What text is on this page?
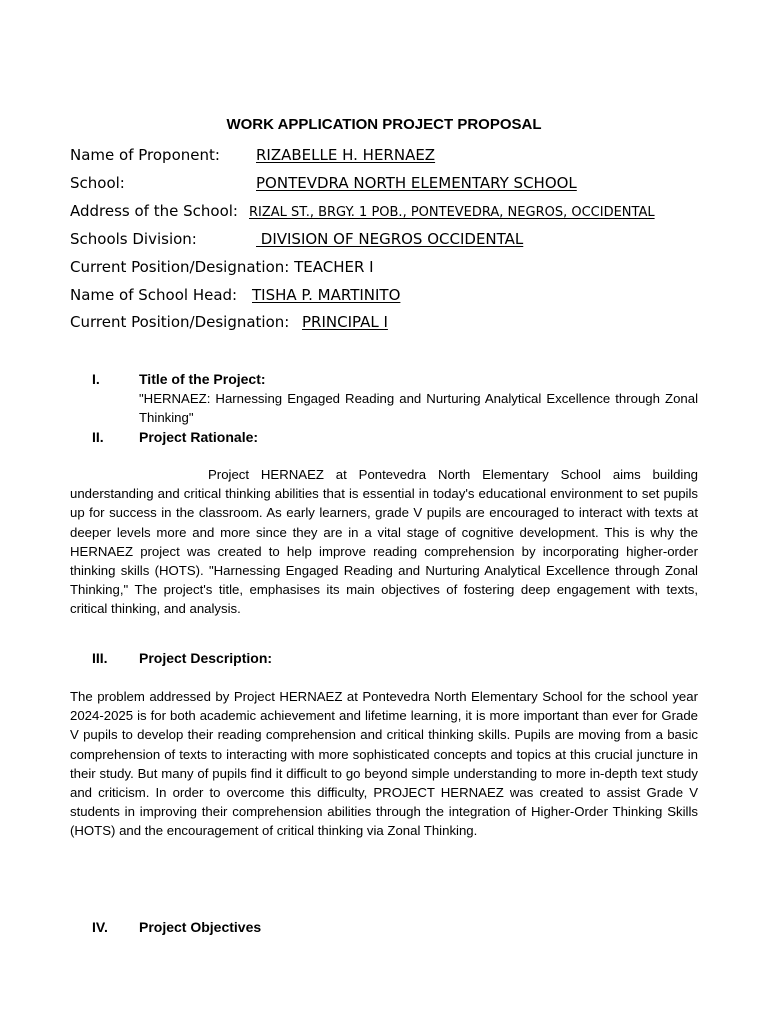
WORK APPLICATION PROJECT PROPOSAL
Name of Proponent: RIZABELLE H. HERNAEZ
School:	PONTEVDRA NORTH ELEMENTARY SCHOOL
Address of the School: RIZAL ST., BRGY. 1 POB., PONTEVEDRA, NEGROS, OCCIDENTAL
Schools Division:	DIVISION OF NEGROS OCCIDENTAL
Current Position/Designation: TEACHER I
Name of School Head: TISHA P. MARTINITO
Current Position/Designation: PRINCIPAL I
I.	Title of the Project:

"HERNAEZ: Harnessing Engaged Reading and Nurturing Analytical Excellence through Zonal Thinking"

II.	Project Rationale:

Project HERNAEZ at Pontevedra North Elementary School aims building understanding and critical thinking abilities that is essential in today's educational environment to set pupils up for success in the classroom. As early learners, grade V pupils are encouraged to interact with texts at deeper levels more and more since they are in a vital stage of cognitive development. This is why the HERNAEZ project was created to help improve reading comprehension by incorporating higher-order thinking skills (HOTS). "Harnessing Engaged Reading and Nurturing Analytical Excellence through Zonal Thinking," The project's title, emphasises its main objectives of fostering deep engagement with texts, critical thinking, and analysis.

III. Project Description:

The problem addressed by Project HERNAEZ at Pontevedra North Elementary School for the school year 2024-2025 is for both academic achievement and lifetime learning, it is more important than ever for Grade V pupils to develop their reading comprehension and critical thinking skills. Pupils are moving from a basic comprehension of texts to interacting with more sophisticated concepts and topics at this crucial juncture in their study. But many of pupils find it difficult to go beyond simple understanding to more in-depth text study and criticism. In order to overcome this difficulty, PROJECT HERNAEZ was created to assist Grade V students in improving their comprehension abilities through the integration of Higher-Order Thinking Skills (HOTS) and the encouragement of critical thinking via Zonal Thinking.

IV. Project Objectives
